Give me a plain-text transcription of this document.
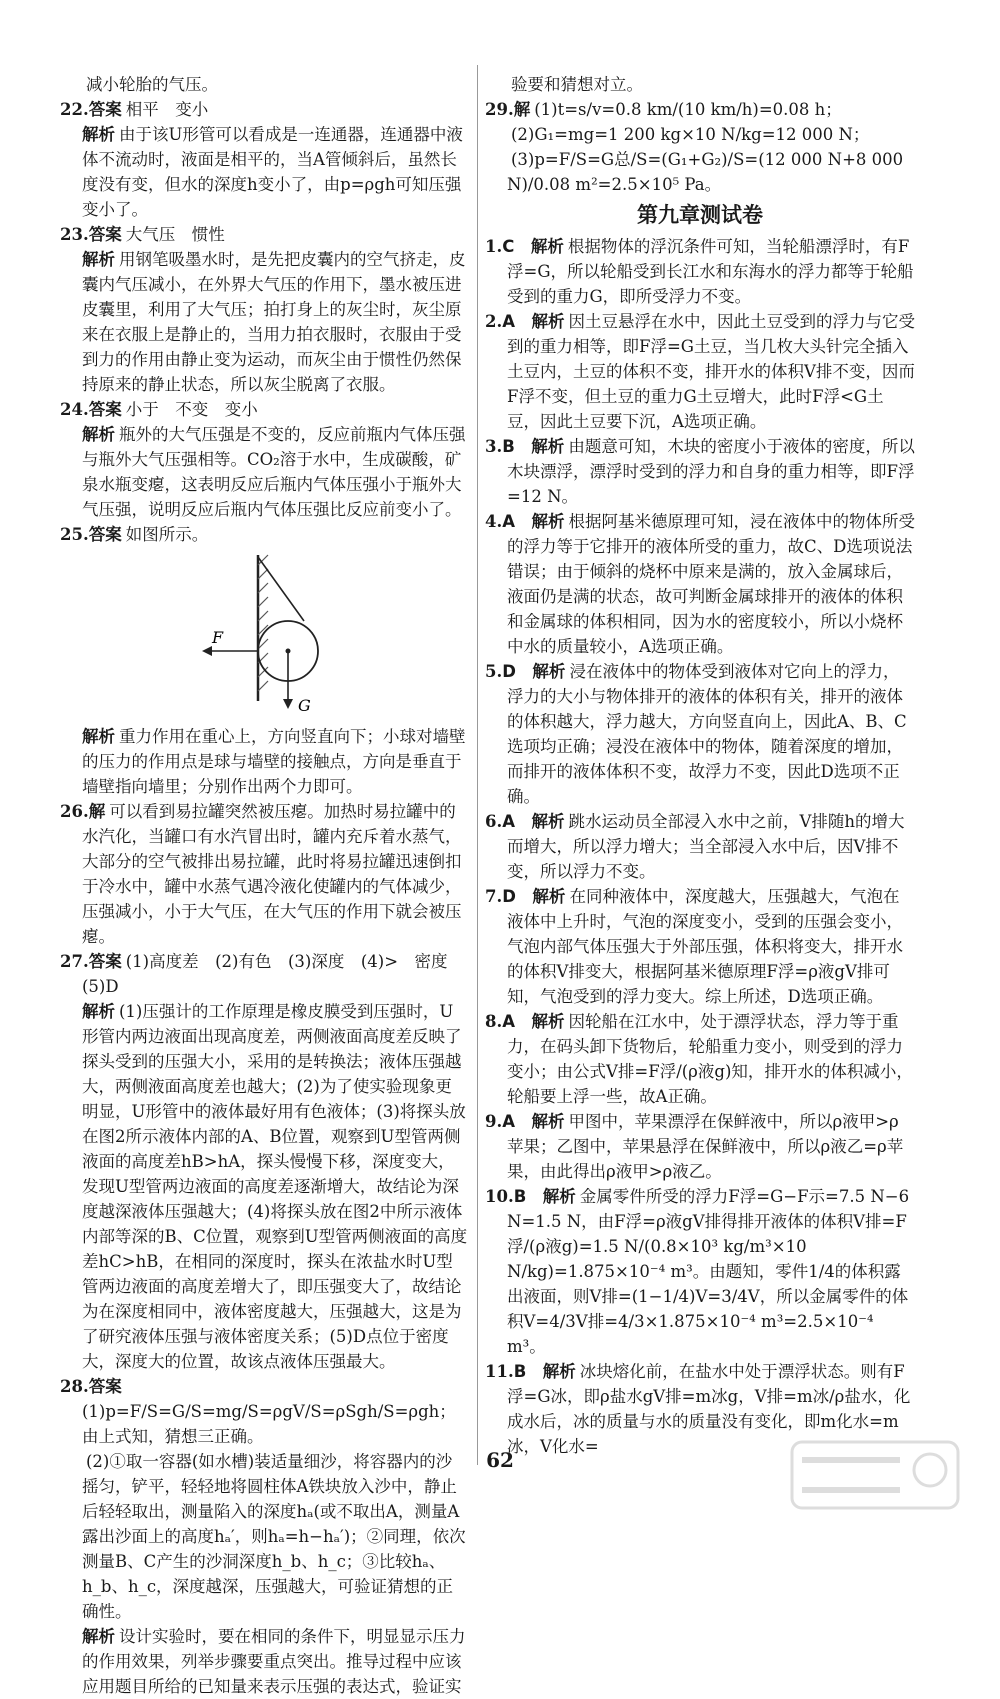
减小轮胎的气压。
22.答案 相平　变小
解析 由于该U形管可以看成是一连通器，连通器中液体不流动时，液面是相平的，当A管倾斜后，虽然长度没有变，但水的深度h变小了，由p=ρgh可知压强变小了。
23.答案 大气压　惯性
解析 用钢笔吸墨水时，是先把皮囊内的空气挤走，皮囊内气压减小，在外界大气压的作用下，墨水被压进皮囊里，利用了大气压；拍打身上的灰尘时，灰尘原来在衣服上是静止的，当用力拍衣服时，衣服由于受到力的作用由静止变为运动，而灰尘由于惯性仍然保持原来的静止状态，所以灰尘脱离了衣服。
24.答案 小于　不变　变小
解析 瓶外的大气压强是不变的，反应前瓶内气体压强与瓶外大气压强相等。CO₂溶于水中，生成碳酸，矿泉水瓶变瘪，这表明反应后瓶内气体压强小于瓶外大气压强，说明反应后瓶内气体压强比反应前变小了。
25.答案 如图所示。
F
G
解析 重力作用在重心上，方向竖直向下；小球对墙壁的压力的作用点是球与墙壁的接触点，方向是垂直于墙壁指向墙里；分别作出两个力即可。
26.解 可以看到易拉罐突然被压瘪。加热时易拉罐中的水汽化，当罐口有水汽冒出时，罐内充斥着水蒸气，大部分的空气被排出易拉罐，此时将易拉罐迅速倒扣于冷水中，罐中水蒸气遇冷液化使罐内的气体减少，压强减小，小于大气压，在大气压的作用下就会被压瘪。
27.答案 (1)高度差　(2)有色　(3)深度　(4)>　密度　(5)D
解析 (1)压强计的工作原理是橡皮膜受到压强时，U形管内两边液面出现高度差，两侧液面高度差反映了探头受到的压强大小，采用的是转换法；液体压强越大，两侧液面高度差也越大；(2)为了使实验现象更明显，U形管中的液体最好用有色液体；(3)将探头放在图2所示液体内部的A、B位置，观察到U型管两侧液面的高度差hB>hA，探头慢慢下移，深度变大，发现U型管两边液面的高度差逐渐增大，故结论为深度越深液体压强越大；(4)将探头放在图2中所示液体内部等深的B、C位置，观察到U型管两侧液面的高度差hC>hB，在相同的深度时，探头在浓盐水时U型管两边液面的高度差增大了，即压强变大了，故结论为在深度相同中，液体密度越大，压强越大，这是为了研究液体压强与液体密度关系；(5)D点位于密度大，深度大的位置，故该点液体压强最大。
28.答案(1)p=F/S=G/S=mg/S=ρgV/S=ρSgh/S=ρgh；由上式知，猜想三正确。
(2)①取一容器(如水槽)装适量细沙，将容器内的沙摇匀，铲平，轻轻地将圆柱体A铁块放入沙中，静止后轻轻取出，测量陷入的深度hₐ(或不取出A，测量A露出沙面上的高度hₐ′，则hₐ=h−hₐ′)；②同理，依次测量B、C产生的沙洞深度h_b、h_c；③比较hₐ、h_b、h_c，深度越深，压强越大，可验证猜想的正确性。
解析 设计实验时，要在相同的条件下，明显显示压力的作用效果，列举步骤要重点突出。推导过程中应该应用题目所给的已知量来表示压强的表达式，验证实
验要和猜想对立。
29.解 (1)t=s/v=0.8 km/(10 km/h)=0.08 h；
(2)G₁=mg=1 200 kg×10 N/kg=12 000 N；
(3)p=F/S=G总/S=(G₁+G₂)/S=(12 000 N+8 000 N)/0.08 m²=2.5×10⁵ Pa。
第九章测试卷
1.C　解析 根据物体的浮沉条件可知，当轮船漂浮时，有F浮=G，所以轮船受到长江水和东海水的浮力都等于轮船受到的重力G，即所受浮力不变。
2.A　解析 因土豆悬浮在水中，因此土豆受到的浮力与它受到的重力相等，即F浮=G土豆，当几枚大头针完全插入土豆内，土豆的体积不变，排开水的体积V排不变，因而F浮不变，但土豆的重力G土豆增大，此时F浮<G土豆，因此土豆要下沉，A选项正确。
3.B　解析 由题意可知，木块的密度小于液体的密度，所以木块漂浮，漂浮时受到的浮力和自身的重力相等，即F浮=12 N。
4.A　解析 根据阿基米德原理可知，浸在液体中的物体所受的浮力等于它排开的液体所受的重力，故C、D选项说法错误；由于倾斜的烧杯中原来是满的，放入金属球后，液面仍是满的状态，故可判断金属球排开的液体的体积和金属球的体积相同，因为水的密度较小，所以小烧杯中水的质量较小，A选项正确。
5.D　解析 浸在液体中的物体受到液体对它向上的浮力，浮力的大小与物体排开的液体的体积有关，排开的液体的体积越大，浮力越大，方向竖直向上，因此A、B、C选项均正确；浸没在液体中的物体，随着深度的增加，而排开的液体体积不变，故浮力不变，因此D选项不正确。
6.A　解析 跳水运动员全部浸入水中之前，V排随h的增大而增大，所以浮力增大；当全部浸入水中后，因V排不变，所以浮力不变。
7.D　解析 在同种液体中，深度越大，压强越大，气泡在液体中上升时，气泡的深度变小，受到的压强会变小，气泡内部气体压强大于外部压强，体积将变大，排开水的体积V排变大，根据阿基米德原理F浮=ρ液gV排可知，气泡受到的浮力变大。综上所述，D选项正确。
8.A　解析 因轮船在江水中，处于漂浮状态，浮力等于重力，在码头卸下货物后，轮船重力变小，则受到的浮力变小；由公式V排=F浮/(ρ液g)知，排开水的体积减小，轮船要上浮一些，故A正确。
9.A　解析 甲图中，苹果漂浮在保鲜液中，所以ρ液甲>ρ苹果；乙图中，苹果悬浮在保鲜液中，所以ρ液乙=ρ苹果，由此得出ρ液甲>ρ液乙。
10.B　解析 金属零件所受的浮力F浮=G−F示=7.5 N−6 N=1.5 N，由F浮=ρ液gV排得排开液体的体积V排=F浮/(ρ液g)=1.5 N/(0.8×10³ kg/m³×10 N/kg)=1.875×10⁻⁴ m³。由题知，零件1/4的体积露出液面，则V排=(1−1/4)V=3/4V，所以金属零件的体积V=4/3V排=4/3×1.875×10⁻⁴ m³=2.5×10⁻⁴ m³。
11.B　解析 冰块熔化前，在盐水中处于漂浮状态。则有F浮=G冰，即ρ盐水gV排=m冰g，V排=m冰/ρ盐水，化成水后，冰的质量与水的质量没有变化，即m化水=m冰，V化水=
62
